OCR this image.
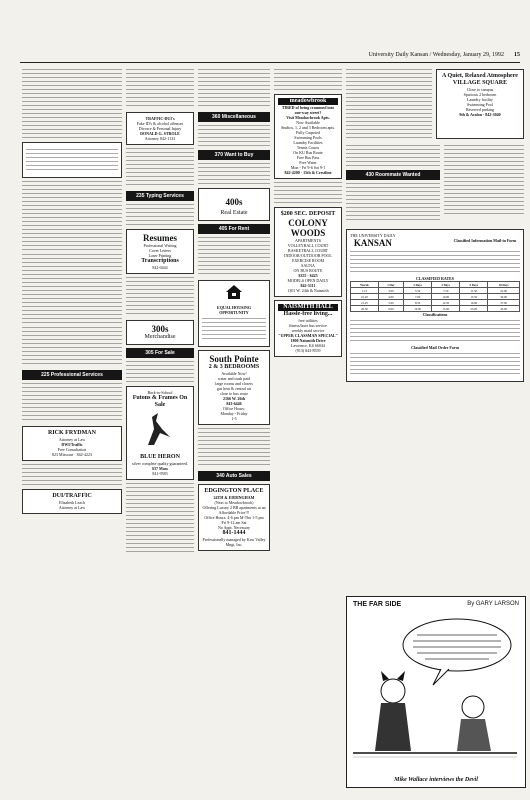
University Daily Kansan / Wednesday, January 29, 1992 15
225 Professional Services
RICK FRYDMAN
Attorney at Law
DWI/Traffic
Free Consultation
823 Missouri · 842-4223
DUI/TRAFFIC
Elizabeth Leach
Attorney at Law
TRAFFIC-DUI's
Fake ID's & alcohol offenses
Divorce & Personal Injury
DONALD G. STROLE
Attorney 842-1133
235 Typing Services
Resumes
Professional Writing
Cover Letters
Laser Printing
Transcriptions
842-0444
300s
Merchandise
305 For Sale
Back-to-School
Futons & Frames On Sale
BLUE HERON
silver complete quality guaranteed.
$37 Mass
841-9583
360 Miscellaneous
370 Want to Buy
400s
Real Estate
405 For Rent
EQUAL HOUSING OPPORTUNITY
South Pointe
2 & 3 BEDROOMS
Available Now!
water and trash paid
large rooms and closets
gas heat & central air
close to bus route
2166 W. 26th
843-6446
Office Hours:
Monday - Friday
1-5
340 Auto Sales
EDGINGTON PLACE
24TH & EDDINGHAM
(Next to Meadowbrook)
Offering Luxury 2 BR apartments at an Affordable Price!!!
Office Hours: 4-6 pm M-Thu 1-5 pm Fri 9-12 am Sat
No Appt. Necessary
841-1444
Professionally managed by Kaw Valley Mngt, Inc.
meadowbrook
TIRED of being crammed into one-way street?
Visit Meadowbrook Apts.
Now Available
Studios, 1, 2 and 3 Bedroom apts.
Fully Carpeted
Swimming Pools
Laundry Facilities
Tennis Courts
On KU Bus Route
Free Bus Pass
Free Water
Mon - Fri 9-6 Sat 9-1
842-4200 · 15th & Crestline
$200 SEC. DEPOSIT
COLONY WOODS
APARTMENTS
VOLLEYBALL COURT
BASKETBALL COURT
INDOOR/OUTDOOR POOL
EXERCISE ROOM
SAUNA
ON BUS ROUTE
$355 - $425
MODELS OPEN DAILY
842-5111
1301 W. 24th & Naismith
NAISMITH HALL
Hassle-free living...
free utilities
fitness/laser bus service
weekly maid service
"UPPER CLASSMAN SPECIAL"
1800 Naismith Drive
Lawrence, KS 66044
(913) 843-8559
A Quiet, Relaxed Atmosphere
VILLAGE SQUARE
Close to campus
Spacious 2 bedroom
Laundry facility
Swimming Pool
Reserved parking
9th & Avalon · 842-3040
430 Roommate Wanted
THE UNIVERSITY DAILY
KANSAN	Classified Information Mail-in Form
CLASSIFIED RATES
Words	1 Day	2 Days	3 Days	5 Days	10 Days
1-15	3.00	5.50	7.50	11.50	22.00
16-20	4.00	7.00	10.00	15.50	30.00
21-25	5.00	8.50	12.50	19.00	37.00
26-30	6.00	10.00	15.00	23.00	45.00
Classifications
Classified Mail Order Form
THE FAR SIDE	By GARY LARSON
Mike Wallace interviews the Devil
